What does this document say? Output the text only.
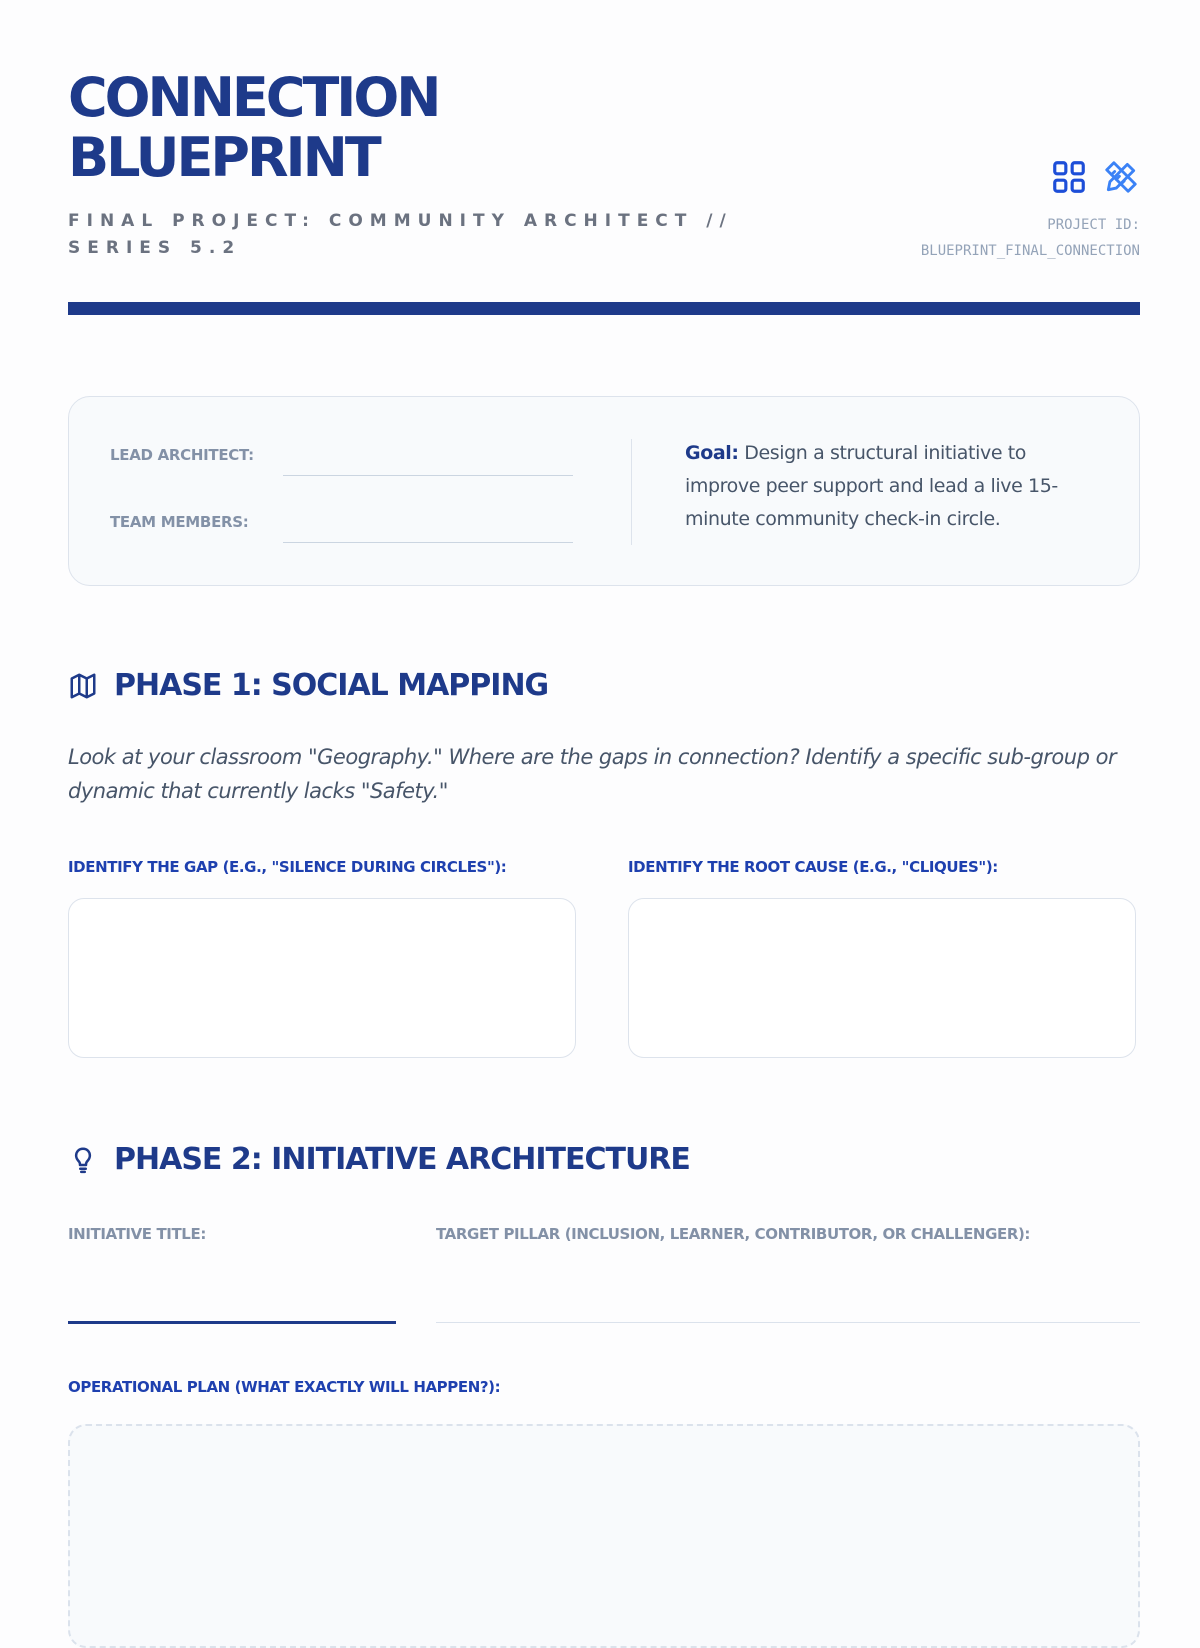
CONNECTION
BLUEPRINT
FINAL PROJECT: COMMUNITY ARCHITECT //
SERIES 5.2
PROJECT ID:
BLUEPRINT_FINAL_CONNECTION
LEAD ARCHITECT:
TEAM MEMBERS:
Goal: Design a structural initiative to improve peer support and lead a live 15-minute community check-in circle.
PHASE 1: SOCIAL MAPPING
Look at your classroom "Geography." Where are the gaps in connection? Identify a specific sub-group or dynamic that currently lacks "Safety."
IDENTIFY THE GAP (E.G., "SILENCE DURING CIRCLES"):	IDENTIFY THE ROOT CAUSE (E.G., "CLIQUES"):
PHASE 2: INITIATIVE ARCHITECTURE
INITIATIVE TITLE:	TARGET PILLAR (INCLUSION, LEARNER, CONTRIBUTOR, OR CHALLENGER):
OPERATIONAL PLAN (WHAT EXACTLY WILL HAPPEN?):
